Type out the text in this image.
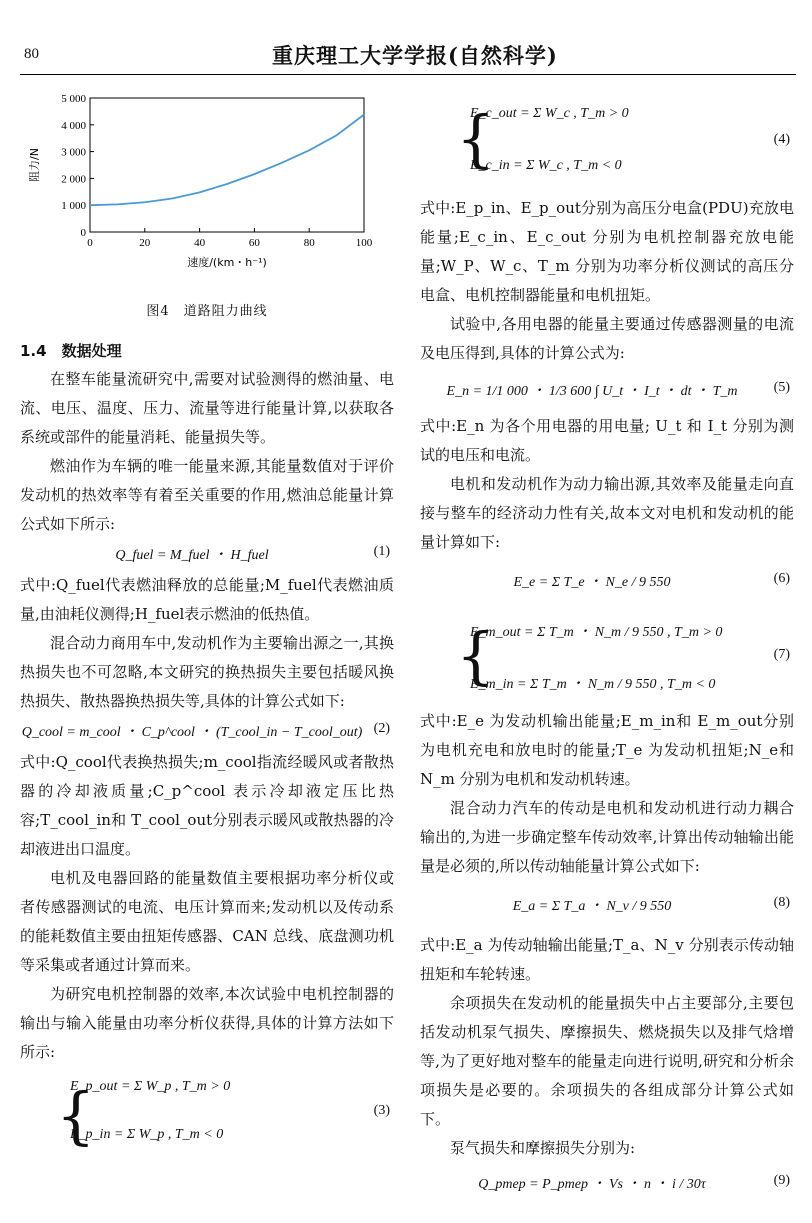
80	重庆理工大学学报(自然科学)
0	20	40	60	80	100
0
1 000
2 000
3 000
4 000
5 000
速度/(km・h⁻¹)
阻力/N
图4　道路阻力曲线
1.4　数据处理

在整车能量流研究中,需要对试验测得的燃油量、电流、电压、温度、压力、流量等进行能量计算,以获取各系统或部件的能量消耗、能量损失等。

燃油作为车辆的唯一能量来源,其能量数值对于评价发动机的热效率等有着至关重要的作用,燃油总能量计算公式如下所示:

Q_fuel = M_fuel ・ H_fuel	(1)

式中:Q_fuel代表燃油释放的总能量;M_fuel代表燃油质量,由油耗仪测得;H_fuel表示燃油的低热值。

混合动力商用车中,发动机作为主要输出源之一,其换热损失也不可忽略,本文研究的换热损失主要包括暖风换热损失、散热器换热损失等,具体的计算公式如下:

Q_cool = m_cool ・ C_p^cool ・ (T_cool_in − T_cool_out) (2)

式中:Q_cool代表换热损失;m_cool指流经暖风或者散热器的冷却液质量;C_p^cool 表示冷却液定压比热容;T_cool_in和 T_cool_out分别表示暖风或散热器的冷却液进出口温度。

电机及电器回路的能量数值主要根据功率分析仪或者传感器测试的电流、电压计算而来;发动机以及传动系的能耗数值主要由扭矩传感器、CAN 总线、底盘测功机等采集或者通过计算而来。

为研究电机控制器的效率,本次试验中电机控制器的输出与输入能量由功率分析仪获得,具体的计算方法如下所示:

{
E_p_out = Σ W_p , T_m > 0
E_p_in = Σ W_p , T_m < 0
(3)
{
E_c_out = Σ W_c , T_m > 0
E_c_in = Σ W_c , T_m < 0
(4)

式中:E_p_in、E_p_out分别为高压分电盒(PDU)充放电能量;E_c_in、E_c_out 分别为电机控制器充放电能量;W_P、W_c、T_m 分别为功率分析仪测试的高压分电盒、电机控制器能量和电机扭矩。

试验中,各用电器的能量主要通过传感器测量的电流及电压得到,具体的计算公式为:

E_n = 1/1 000 ・ 1/3 600 ∫ U_t ・ I_t ・ dt ・ T_m	(5)

式中:E_n 为各个用电器的用电量; U_t 和 I_t 分别为测试的电压和电流。

电机和发动机作为动力输出源,其效率及能量走向直接与整车的经济动力性有关,故本文对电机和发动机的能量计算如下:

E_e = Σ T_e ・ N_e / 9 550	(6)
{
E_m_out = Σ T_m ・ N_m / 9 550 , T_m > 0
E_m_in = Σ T_m ・ N_m / 9 550 , T_m < 0
(7)

式中:E_e 为发动机输出能量;E_m_in和 E_m_out分别为电机充电和放电时的能量;T_e 为发动机扭矩;N_e和 N_m 分别为电机和发动机转速。

混合动力汽车的传动是电机和发动机进行动力耦合输出的,为进一步确定整车传动效率,计算出传动轴输出能量是必须的,所以传动轴能量计算公式如下:

E_a = Σ T_a ・ N_v / 9 550	(8)

式中:E_a 为传动轴输出能量;T_a、N_v 分别表示传动轴扭矩和车轮转速。

余项损失在发动机的能量损失中占主要部分,主要包括发动机泵气损失、摩擦损失、燃烧损失以及排气焓增等,为了更好地对整车的能量走向进行说明,研究和分析余项损失是必要的。余项损失的各组成部分计算公式如下。

泵气损失和摩擦损失分别为:

Q_pmep = P_pmep ・ Vs ・ n ・ i / 30τ	(9)
